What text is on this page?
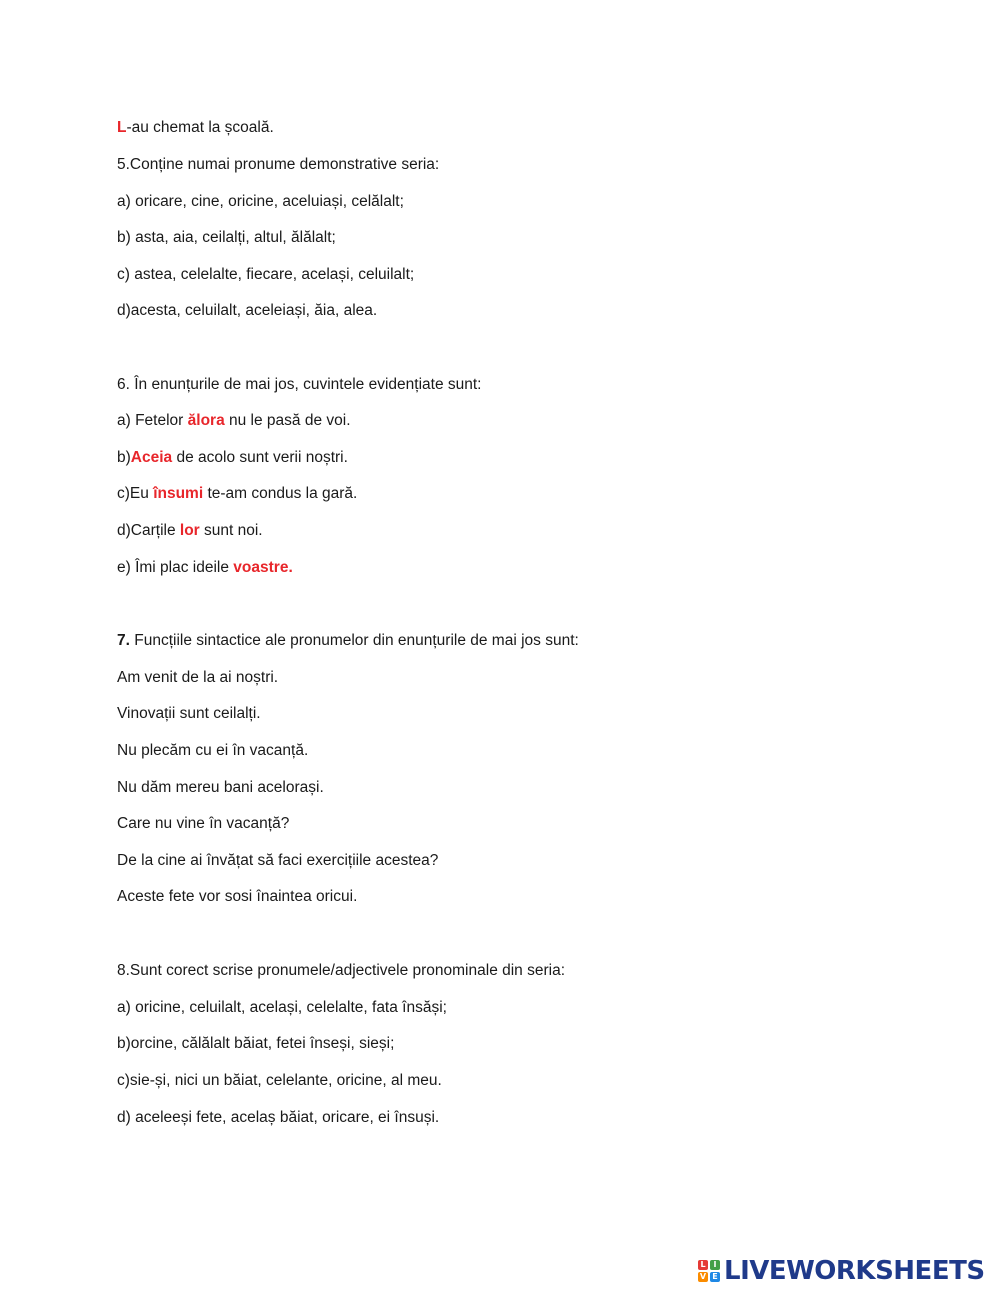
L-au chemat la școală.
5.Conține numai pronume demonstrative seria:
a) oricare, cine, oricine, aceluiași, celălalt;
b) asta, aia, ceilalți, altul, ălălalt;
c) astea, celelalte, fiecare, același, celuilalt;
d)acesta, celuilalt, aceleiași, ăia, alea.
6. În enunțurile de mai jos, cuvintele evidențiate sunt:
a) Fetelor ălora nu le pasă de voi.
b)Aceia de acolo sunt verii noștri.
c)Eu însumi te-am condus la gară.
d)Carțile lor sunt noi.
e) Îmi plac ideile voastre.
7. Funcțiile sintactice ale pronumelor din enunțurile de mai jos sunt:
Am venit de la ai noștri.
Vinovații sunt ceilalți.
Nu plecăm cu ei în vacanță.
Nu dăm mereu bani acelorași.
Care nu vine în vacanță?
De la cine ai învățat să faci exercițiile acestea?
Aceste fete vor sosi înaintea oricui.
8.Sunt corect scrise pronumele/adjectivele pronominale din seria:
a) oricine, celuilalt, același, celelalte, fata însăși;
b)orcine, călălalt băiat, fetei înseși, sieși;
c)sie-și, nici un băiat, celelante, oricine, al meu.
d) aceleeși fete, acelaș băiat, oricare, ei însuși.
L I
V E LIVEWORKSHEETS
